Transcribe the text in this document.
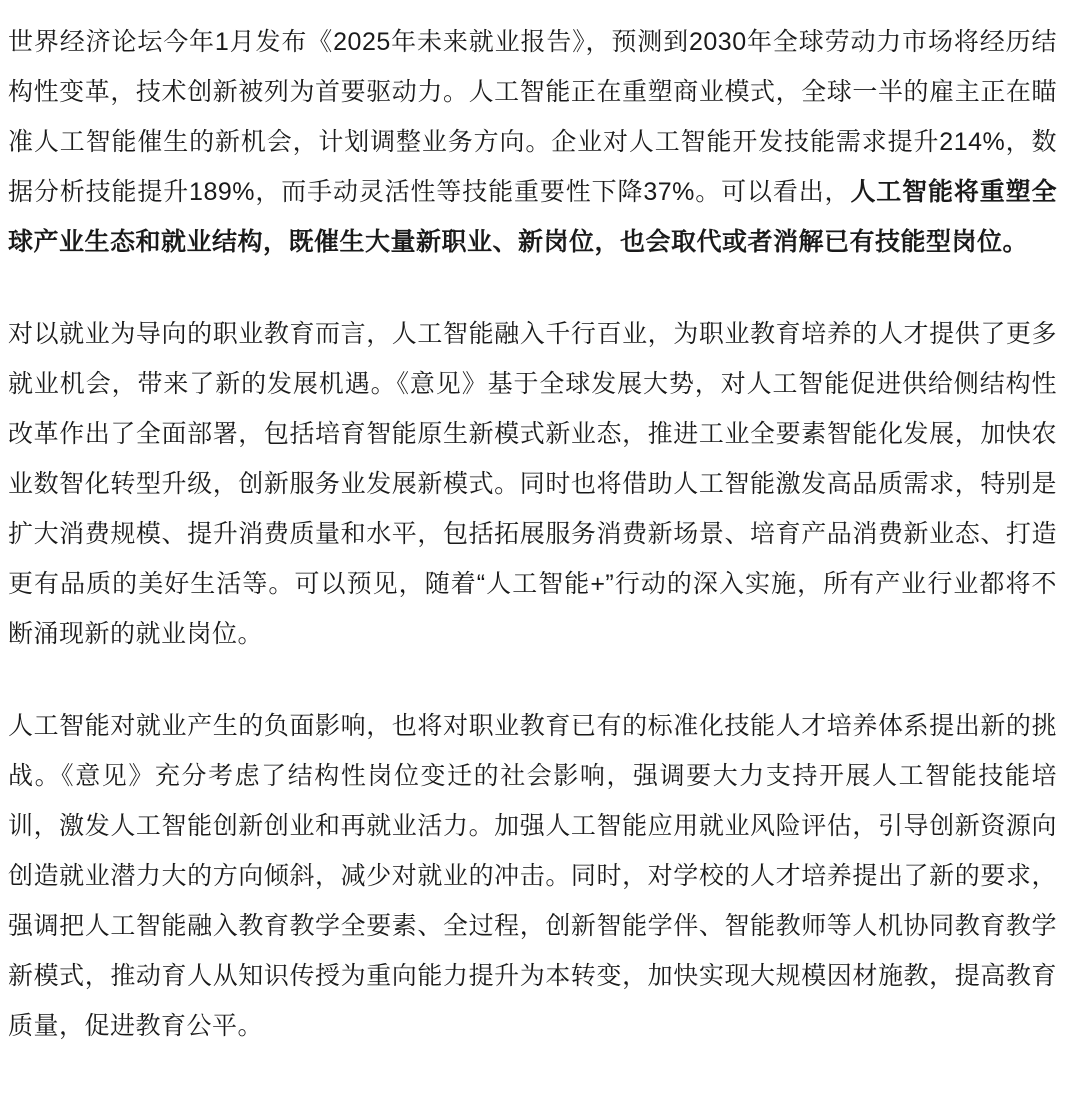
世界经济论坛今年1月发布《2025年未来就业报告》，预测到2030年全球劳动力市场将经历结构性变革，技术创新被列为首要驱动力。人工智能正在重塑商业模式，全球一半的雇主正在瞄准人工智能催生的新机会，计划调整业务方向。企业对人工智能开发技能需求提升214%，数据分析技能提升189%，而手动灵活性等技能重要性下降37%。可以看出，人工智能将重塑全球产业生态和就业结构，既催生大量新职业、新岗位，也会取代或者消解已有技能型岗位。

对以就业为导向的职业教育而言，人工智能融入千行百业，为职业教育培养的人才提供了更多就业机会，带来了新的发展机遇。《意见》基于全球发展大势，对人工智能促进供给侧结构性改革作出了全面部署，包括培育智能原生新模式新业态，推进工业全要素智能化发展，加快农业数智化转型升级，创新服务业发展新模式。同时也将借助人工智能激发高品质需求，特别是扩大消费规模、提升消费质量和水平，包括拓展服务消费新场景、培育产品消费新业态、打造更有品质的美好生活等。可以预见，随着“人工智能+”行动的深入实施，所有产业行业都将不断涌现新的就业岗位。

人工智能对就业产生的负面影响，也将对职业教育已有的标准化技能人才培养体系提出新的挑战。《意见》充分考虑了结构性岗位变迁的社会影响，强调要大力支持开展人工智能技能培训，激发人工智能创新创业和再就业活力。加强人工智能应用就业风险评估，引导创新资源向创造就业潜力大的方向倾斜，减少对就业的冲击。同时，对学校的人才培养提出了新的要求，强调把人工智能融入教育教学全要素、全过程，创新智能学伴、智能教师等人机协同教育教学新模式，推动育人从知识传授为重向能力提升为本转变，加快实现大规模因材施教，提高教育质量，促进教育公平。
